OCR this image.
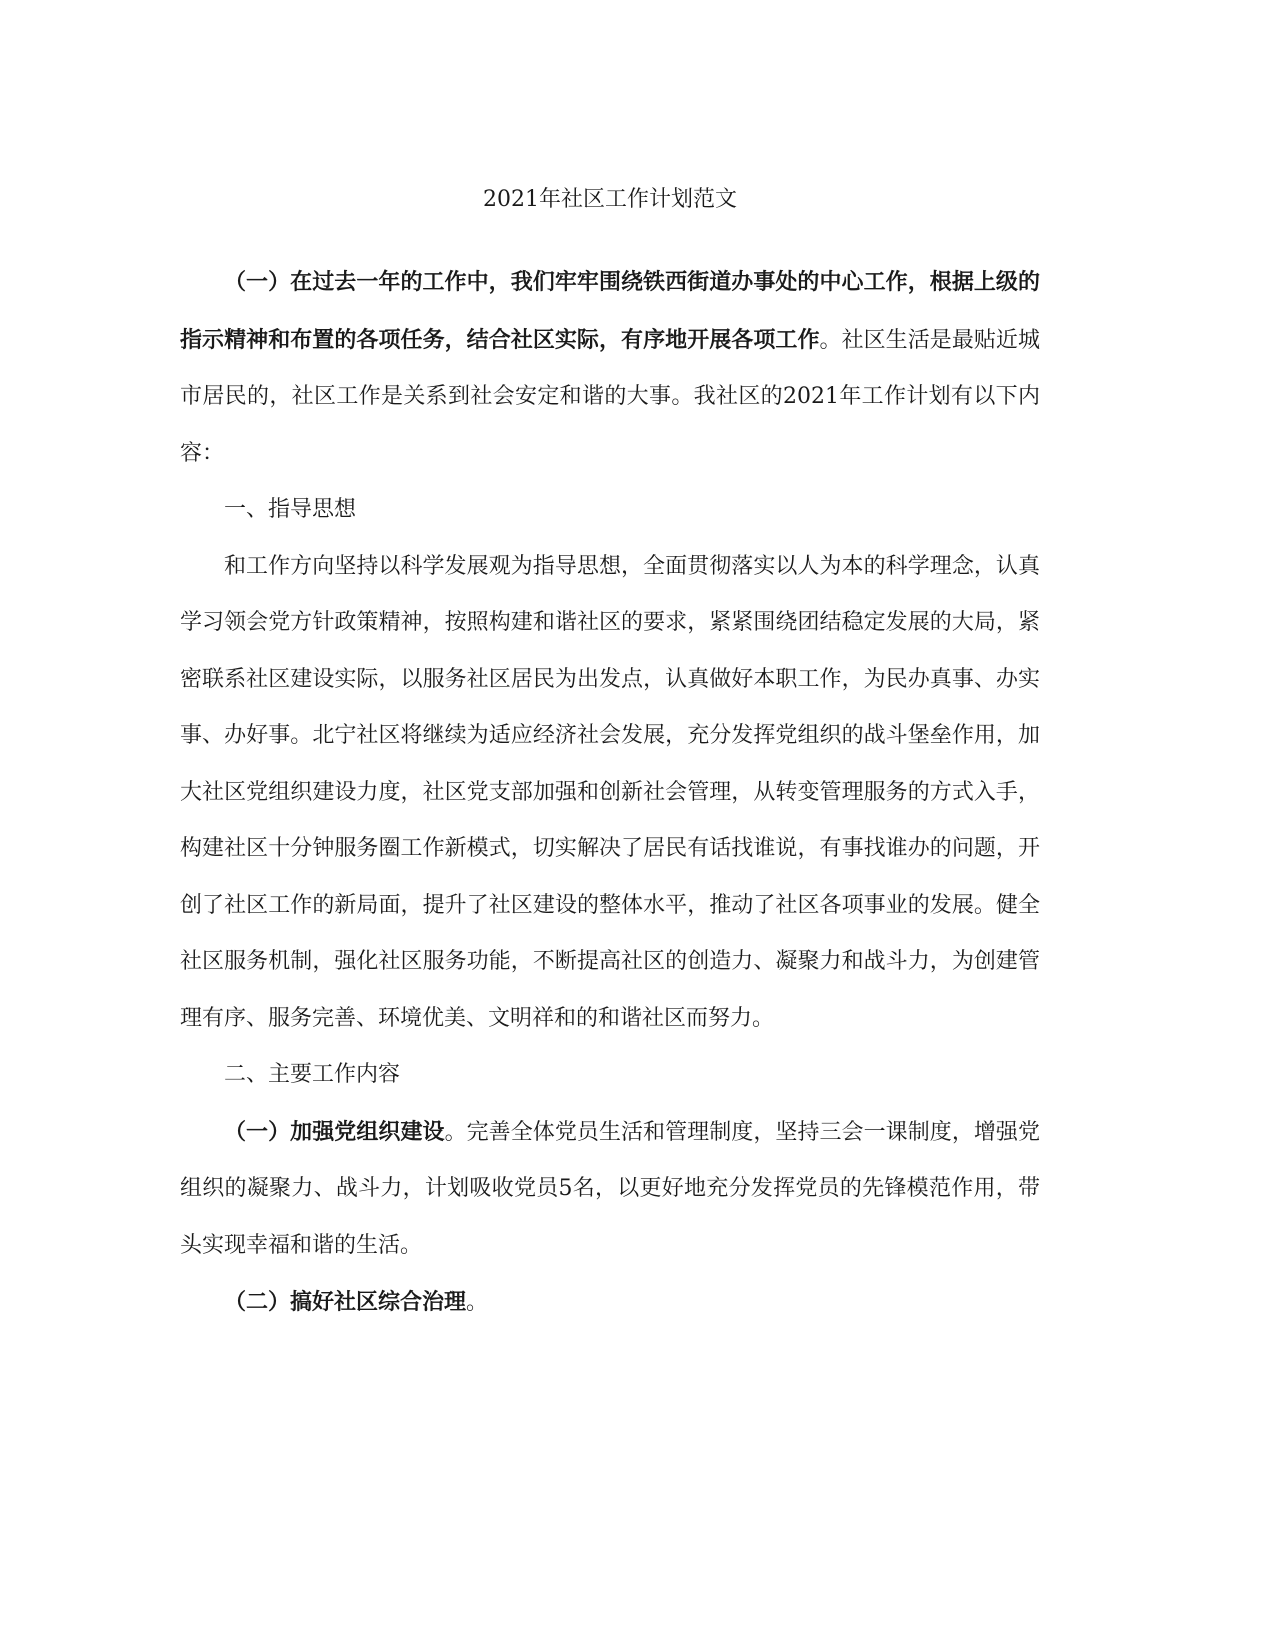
2021年社区工作计划范文

（一）在过去一年的工作中，我们牢牢围绕铁西街道办事处的中心工作，根据上级的指示精神和布置的各项任务，结合社区实际，有序地开展各项工作。社区生活是最贴近城市居民的，社区工作是关系到社会安定和谐的大事。我社区的2021年工作计划有以下内容：

一、指导思想

和工作方向坚持以科学发展观为指导思想，全面贯彻落实以人为本的科学理念，认真学习领会党方针政策精神，按照构建和谐社区的要求，紧紧围绕团结稳定发展的大局，紧密联系社区建设实际，以服务社区居民为出发点，认真做好本职工作，为民办真事、办实事、办好事。北宁社区将继续为适应经济社会发展，充分发挥党组织的战斗堡垒作用，加大社区党组织建设力度，社区党支部加强和创新社会管理，从转变管理服务的方式入手，构建社区十分钟服务圈工作新模式，切实解决了居民有话找谁说，有事找谁办的问题，开创了社区工作的新局面，提升了社区建设的整体水平，推动了社区各项事业的发展。健全社区服务机制，强化社区服务功能，不断提高社区的创造力、凝聚力和战斗力，为创建管理有序、服务完善、环境优美、文明祥和的和谐社区而努力。

二、主要工作内容

（一）加强党组织建设。完善全体党员生活和管理制度，坚持三会一课制度，增强党组织的凝聚力、战斗力，计划吸收党员5名，以更好地充分发挥党员的先锋模范作用，带头实现幸福和谐的生活。

（二）搞好社区综合治理。
